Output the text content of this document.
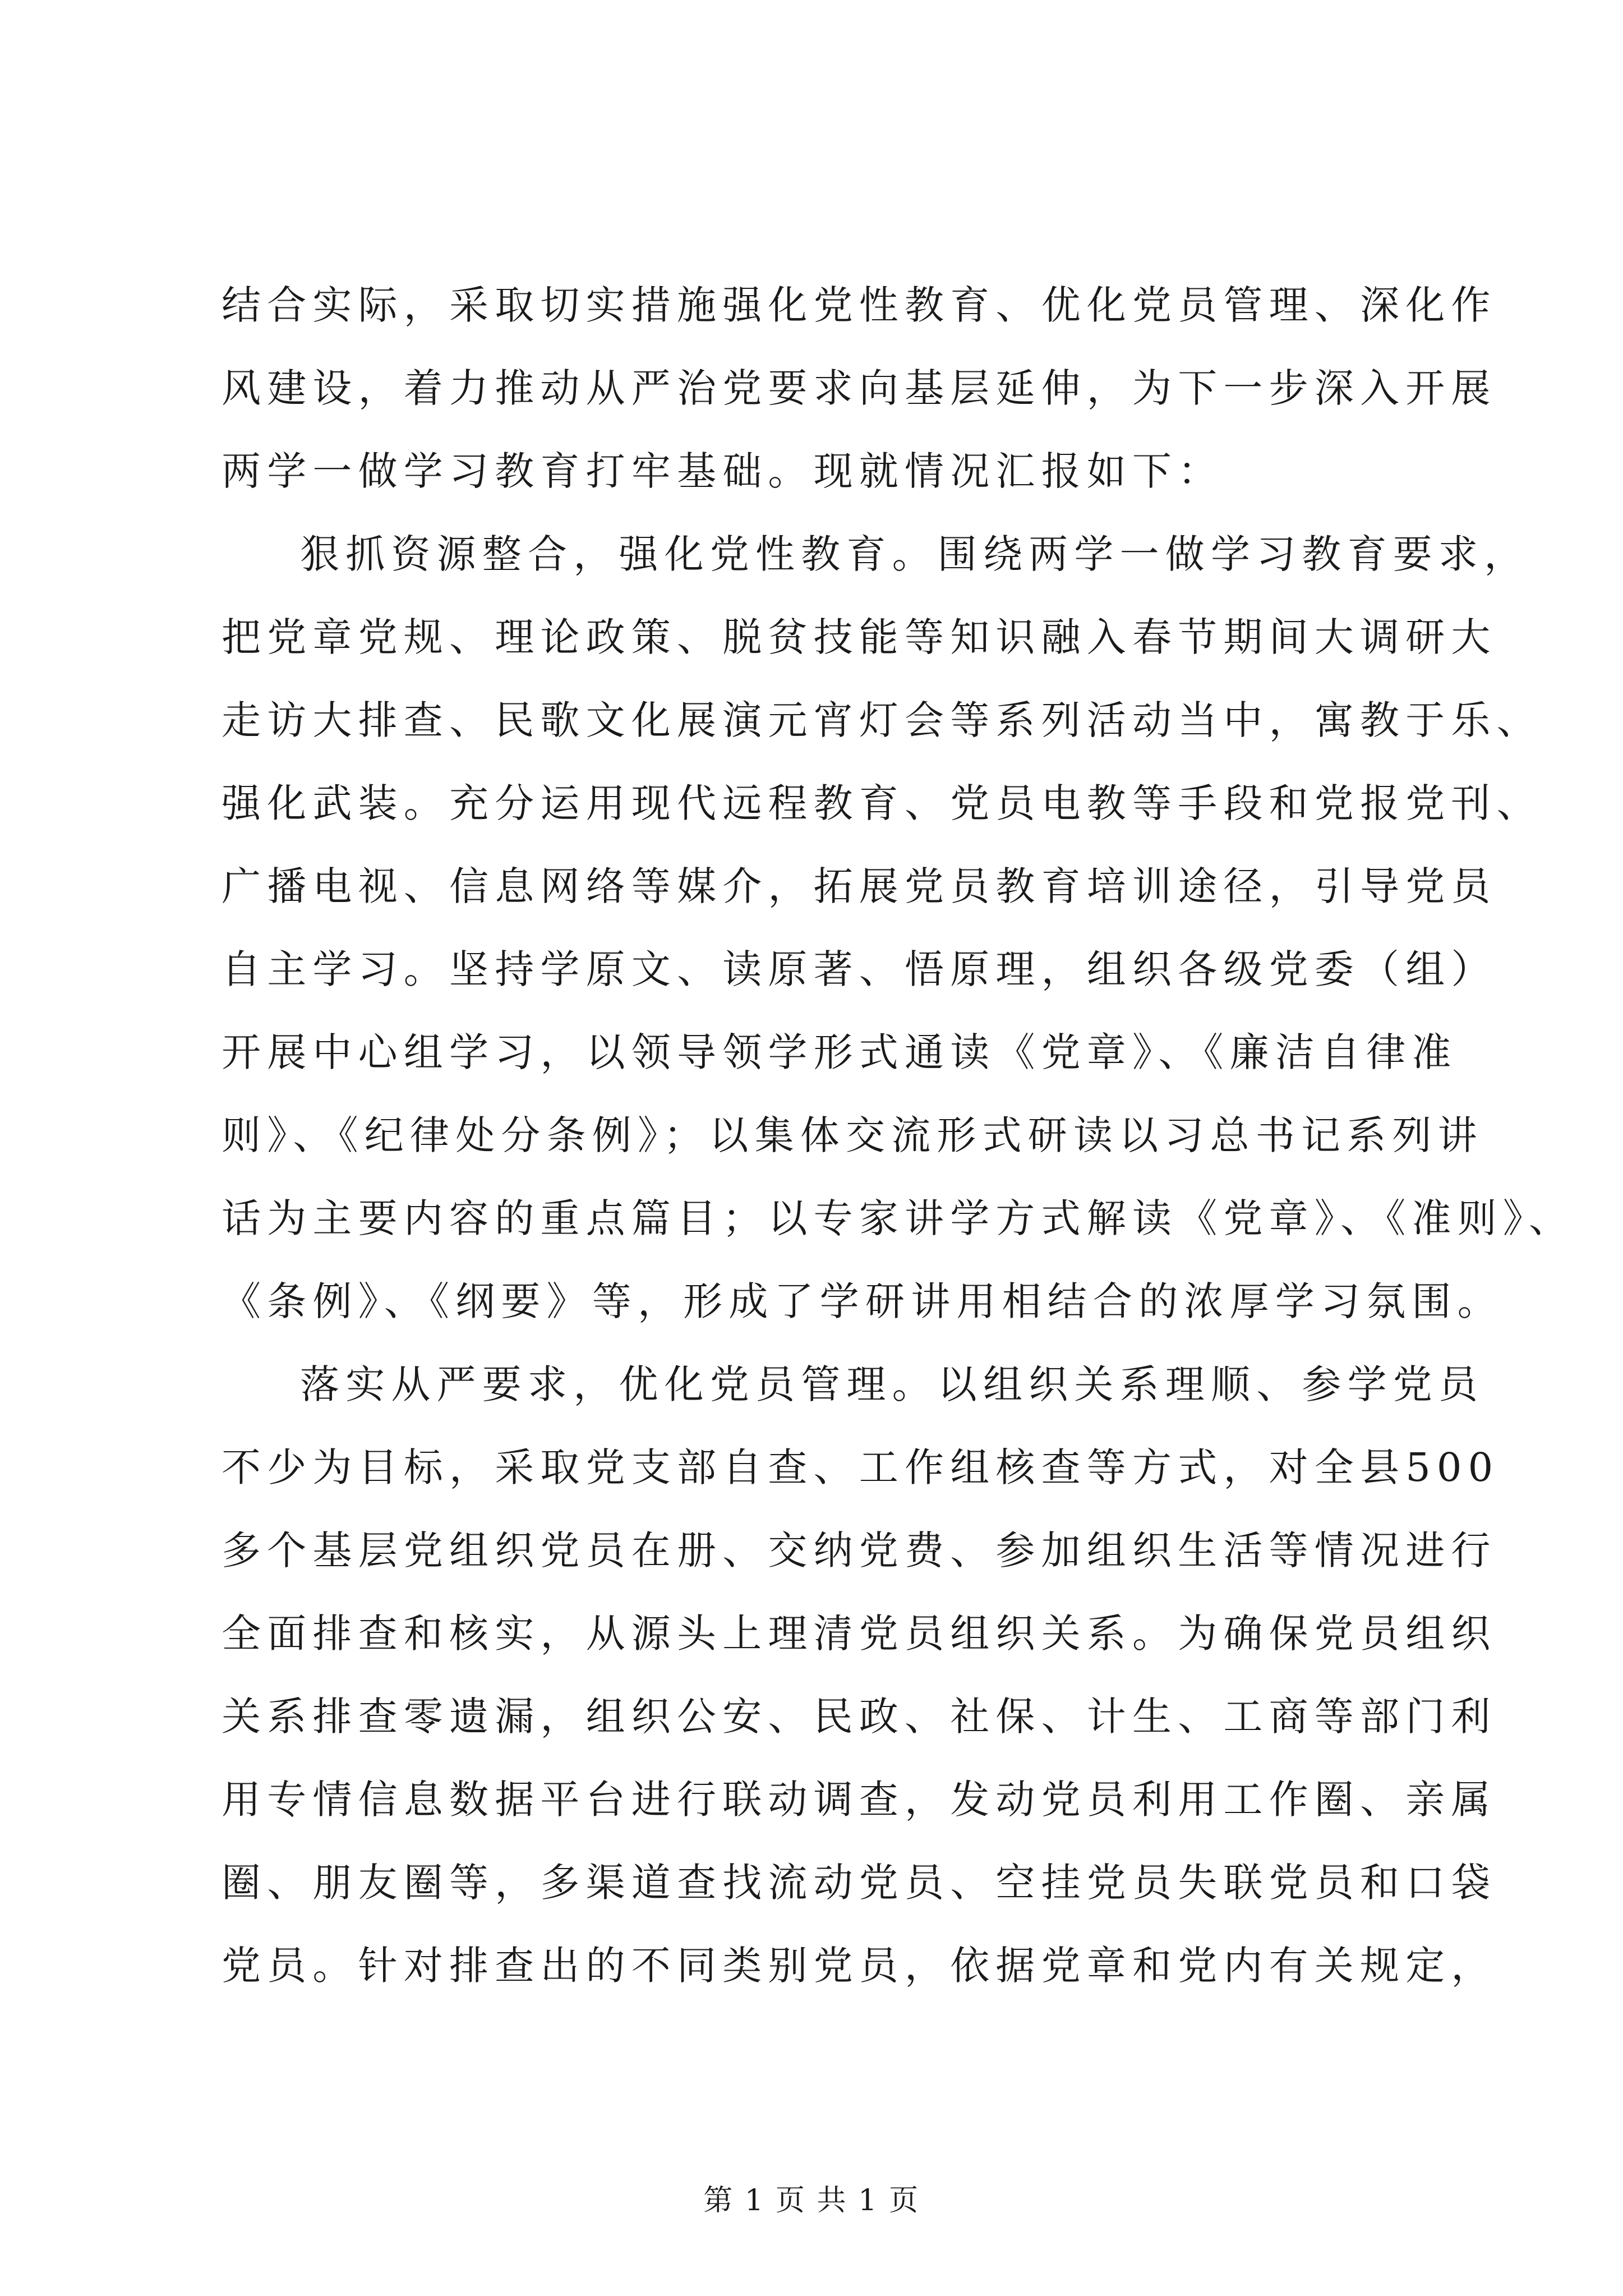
结合实际，采取切实措施强化党性教育、优化党员管理、深化作
风建设，着力推动从严治党要求向基层延伸，为下一步深入开展
两学一做学习教育打牢基础。现就情况汇报如下：
狠抓资源整合，强化党性教育。围绕两学一做学习教育要求，
把党章党规、理论政策、脱贫技能等知识融入春节期间大调研大
走访大排查、民歌文化展演元宵灯会等系列活动当中，寓教于乐、
强化武装。充分运用现代远程教育、党员电教等手段和党报党刊、
广播电视、信息网络等媒介，拓展党员教育培训途径，引导党员
自主学习。坚持学原文、读原著、悟原理，组织各级党委（组）
开展中心组学习，以领导领学形式通读《党章》、《廉洁自律准
则》、《纪律处分条例》；以集体交流形式研读以习总书记系列讲
话为主要内容的重点篇目；以专家讲学方式解读《党章》、《准则》、
《条例》、《纲要》等，形成了学研讲用相结合的浓厚学习氛围。
落实从严要求，优化党员管理。以组织关系理顺、参学党员
不少为目标，采取党支部自查、工作组核查等方式，对全县500
多个基层党组织党员在册、交纳党费、参加组织生活等情况进行
全面排查和核实，从源头上理清党员组织关系。为确保党员组织
关系排查零遗漏，组织公安、民政、社保、计生、工商等部门利
用专情信息数据平台进行联动调查，发动党员利用工作圈、亲属
圈、朋友圈等，多渠道查找流动党员、空挂党员失联党员和口袋
党员。针对排查出的不同类别党员，依据党章和党内有关规定，
第 1 页 共 1 页
